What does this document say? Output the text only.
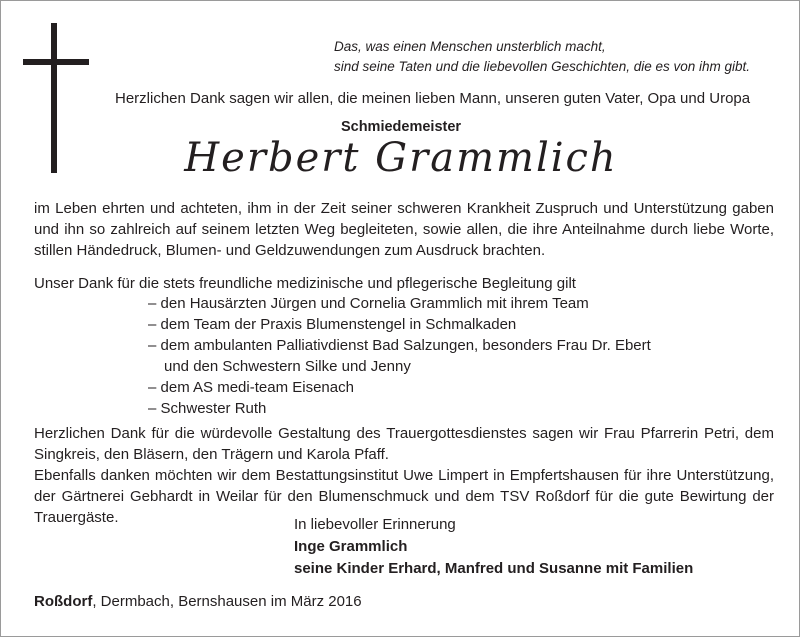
Das, was einen Menschen unsterblich macht,
sind seine Taten und die liebevollen Geschichten, die es von ihm gibt.
Herzlichen Dank sagen wir allen, die meinen lieben Mann, unseren guten Vater, Opa und Uropa
Schmiedemeister
Herbert Grammlich
im Leben ehrten und achteten, ihm in der Zeit seiner schweren Krankheit Zuspruch und Unterstützung gaben und ihn so zahlreich auf seinem letzten Weg begleiteten, sowie allen, die ihre Anteilnahme durch liebe Worte, stillen Händedruck, Blumen- und Geldzuwendungen zum Ausdruck brachten.
Unser Dank für die stets freundliche medizinische und pflegerische Begleitung gilt
– den Hausärzten Jürgen und Cornelia Grammlich mit ihrem Team
– dem Team der Praxis Blumenstengel in Schmalkaden
– dem ambulanten Palliativdienst Bad Salzungen, besonders Frau Dr. Ebert
und den Schwestern Silke und Jenny
– dem AS medi-team Eisenach
– Schwester Ruth
Herzlichen Dank für die würdevolle Gestaltung des Trauergottesdienstes sagen wir Frau Pfarrerin Petri, dem Singkreis, den Bläsern, den Trägern und Karola Pfaff.
Ebenfalls danken möchten wir dem Bestattungsinstitut Uwe Limpert in Empfertshausen für ihre Unterstützung, der Gärtnerei Gebhardt in Weilar für den Blumenschmuck und dem TSV Roßdorf für die gute Bewirtung der Trauergäste.	In liebevoller Erinnerung
Inge Grammlich
seine Kinder Erhard, Manfred und Susanne mit Familien
Roßdorf, Dermbach, Bernshausen im März 2016
